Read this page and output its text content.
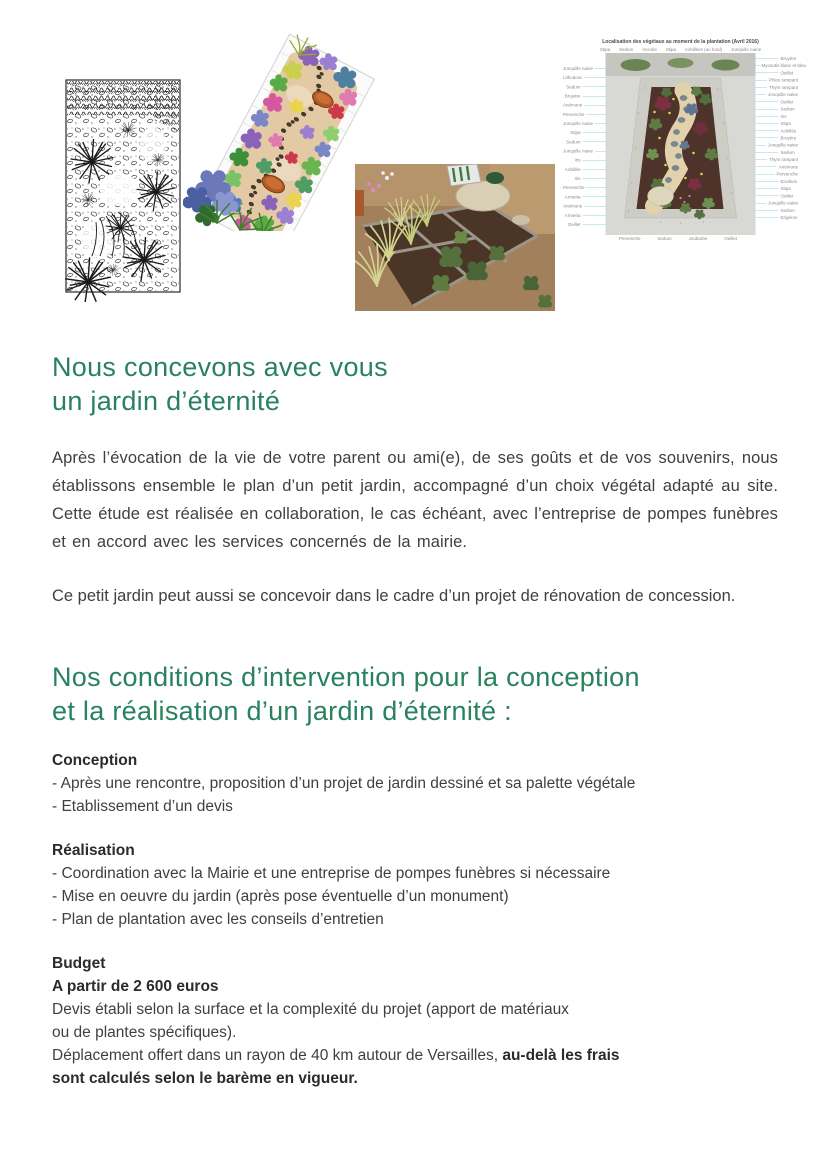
Localisation des végétaux au moment de la plantation (Avril 2016)
Stipa Sedum Ancolie Stipa Achillées (au fond) Jonquille naine
Jonquille naine
Lithodora
Sedum
Bruyère
Anémone
Pervenche
Jonquille naine
Stipa
Sedum
Jonquille naine
Iris
Achillée
Iris
Pervenche
Armeria
Anémone
Armeria
Oeillet
Bruyère
Myosotis blanc et bleu
Oeillet
Phlox rampant
Thym rampant
Jonquille naine
Oeillet
Sedum
Iris
Stipa
Achillée
Bruyère
Jonquille naine
Sedum
Thym rampant
Anémone
Pervenche
Erodium
Stipa
Oeillet
Jonquille naine
Sedum
Erigéron
Pervenche Sedum Joubarbe Oeillet
Nous concevons avec vous
un jardin d’éternité

Après l’évocation de la vie de votre parent ou ami(e), de ses goûts et de vos souvenirs, nous établissons ensemble le plan d’un petit jardin, accompagné d’un choix végétal adapté au site. Cette étude est réalisée en collaboration, le cas échéant, avec l’entreprise de pompes funèbres et en accord avec les services concernés de la mairie.

Ce petit jardin peut aussi se concevoir dans le cadre d’un projet de rénovation de concession.

Nos conditions d’intervention pour la conception
et la réalisation d’un jardin d’éternité :
Conception
- Après une rencontre, proposition d’un projet de jardin dessiné et sa palette végétale
- Etablissement d’un devis
Réalisation
- Coordination avec la Mairie et une entreprise de pompes funèbres si nécessaire
- Mise en oeuvre du jardin (après pose éventuelle d’un monument)
- Plan de plantation avec les conseils d’entretien
Budget
A partir de 2 600 euros
Devis établi selon la surface et la complexité du projet (apport de matériaux
ou de plantes spécifiques).
Déplacement offert dans un rayon de 40 km autour de Versailles, au-delà les frais
sont calculés selon le barème en vigueur.
